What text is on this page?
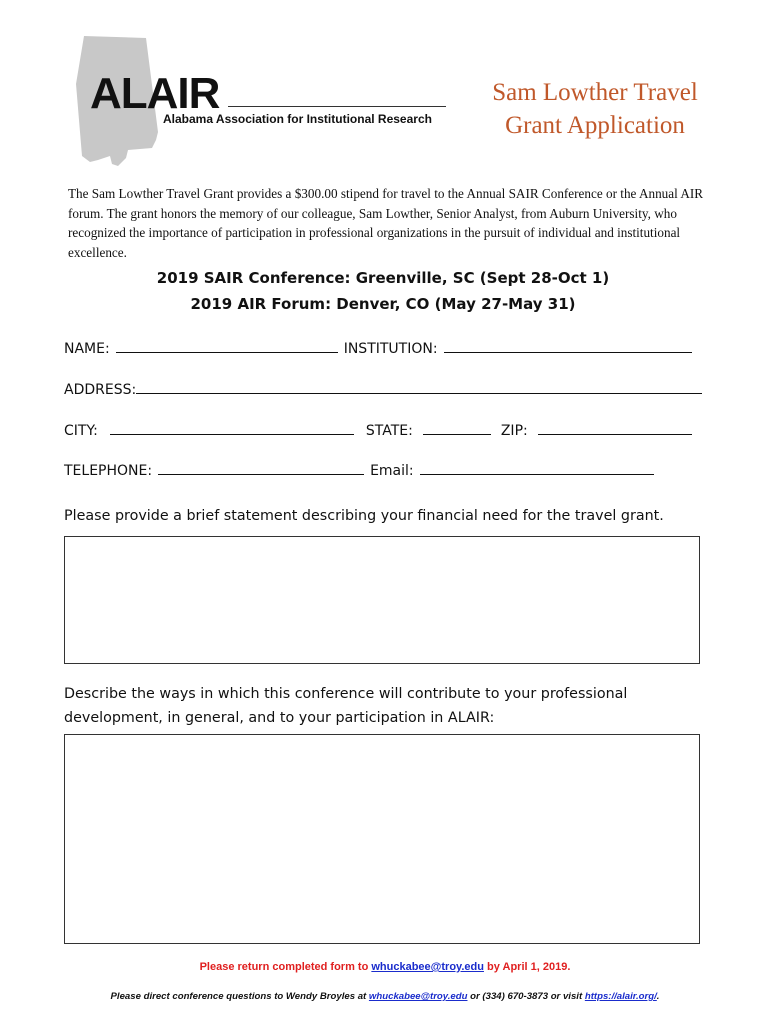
ALAIR
Alabama Association for Institutional Research
Sam Lowther Travel
Grant Application
The Sam Lowther Travel Grant provides a $300.00 stipend for travel to the Annual SAIR Conference or the Annual AIR forum. The grant honors the memory of our colleague, Sam Lowther, Senior Analyst, from Auburn University, who recognized the importance of participation in professional organizations in the pursuit of individual and institutional excellence.
2019 SAIR Conference: Greenville, SC (Sept 28-Oct 1)
2019 AIR Forum: Denver, CO (May 27-May 31)
NAME:	INSTITUTION:
ADDRESS:
CITY:	STATE:	ZIP:
TELEPHONE:	Email:
Please provide a brief statement describing your financial need for the travel grant.
Describe the ways in which this conference will contribute to your professional development, in general, and to your participation in ALAIR:
Please return completed form to whuckabee@troy.edu by April 1, 2019.
Please direct conference questions to Wendy Broyles at whuckabee@troy.edu or (334) 670-3873 or visit https://alair.org/.
